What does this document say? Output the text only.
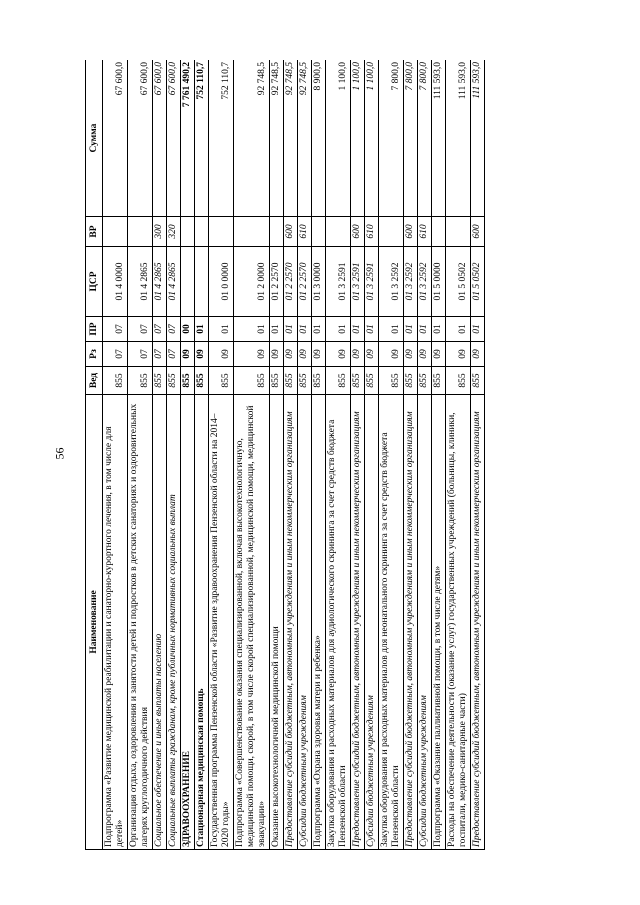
56
Наименование	Вед	Рз	ПР	ЦСР	ВР	Сумма
Подпрограмма «Развитие медицинской реабилитации и санаторно-курортного лечения, в том числе для детей»	855	07	07	01 4 0000		67 600,0
Организация отдыха, оздоровления и занятости детей и подростков в детских санаториях и оздоровительных лагерях круглогодичного действия	855	07	07	01 4 2865		67 600,0
Социальное обеспечение и иные выплаты населению	855	07	07	01 4 2865	300	67 600,0
Социальные выплаты гражданам, кроме публичных нормативных социальных выплат	855	07	07	01 4 2865	320	67 600,0
ЗДРАВООХРАНЕНИЕ	855	09	00			7 761 490,2
Стационарная медицинская помощь	855	09	01			752 110,7
Государственная программа Пензенской области «Развитие здравоохранения Пензенской области на 2014–2020 годы»	855	09	01	01 0 0000		752 110,7
Подпрограмма «Совершенствование оказания специализированной, включая высокотехнологичную, медицинской помощи, скорой, в том числе скорой специализированной, медицинской помощи, медицинской эвакуации»	855	09	01	01 2 0000		92 748,5
Оказание высокотехнологичной медицинской помощи	855	09	01	01 2 2570		92 748,5
Предоставление субсидий бюджетным, автономным учреждениям и иным некоммерческим организациям	855	09	01	01 2 2570	600	92 748,5
Субсидии бюджетным учреждениям	855	09	01	01 2 2570	610	92 748,5
Подпрограмма «Охрана здоровья матери и ребенка»	855	09	01	01 3 0000		8 900,0
Закупка оборудования и расходных материалов для аудиологического скрининга за счет средств бюджета Пензенской области	855	09	01	01 3 2591		1 100,0
Предоставление субсидий бюджетным, автономным учреждениям и иным некоммерческим организациям	855	09	01	01 3 2591	600	1 100,0
Субсидии бюджетным учреждениям	855	09	01	01 3 2591	610	1 100,0
Закупка оборудования и расходных материалов для неонатального скрининга за счет средств бюджета Пензенской области	855	09	01	01 3 2592		7 800,0
Предоставление субсидий бюджетным, автономным учреждениям и иным некоммерческим организациям	855	09	01	01 3 2592	600	7 800,0
Субсидии бюджетным учреждениям	855	09	01	01 3 2592	610	7 800,0
Подпрограмма «Оказание паллиативной помощи, в том числе детям»	855	09	01	01 5 0000		111 593,0
Расходы на обеспечение деятельности (оказание услуг) государственных учреждений (больницы, клиники, госпитали, медико-санитарные части)	855	09	01	01 5 0502		111 593,0
Предоставление субсидий бюджетным, автономным учреждениям и иным некоммерческим организациям	855	09	01	01 5 0502	600	111 593,0
